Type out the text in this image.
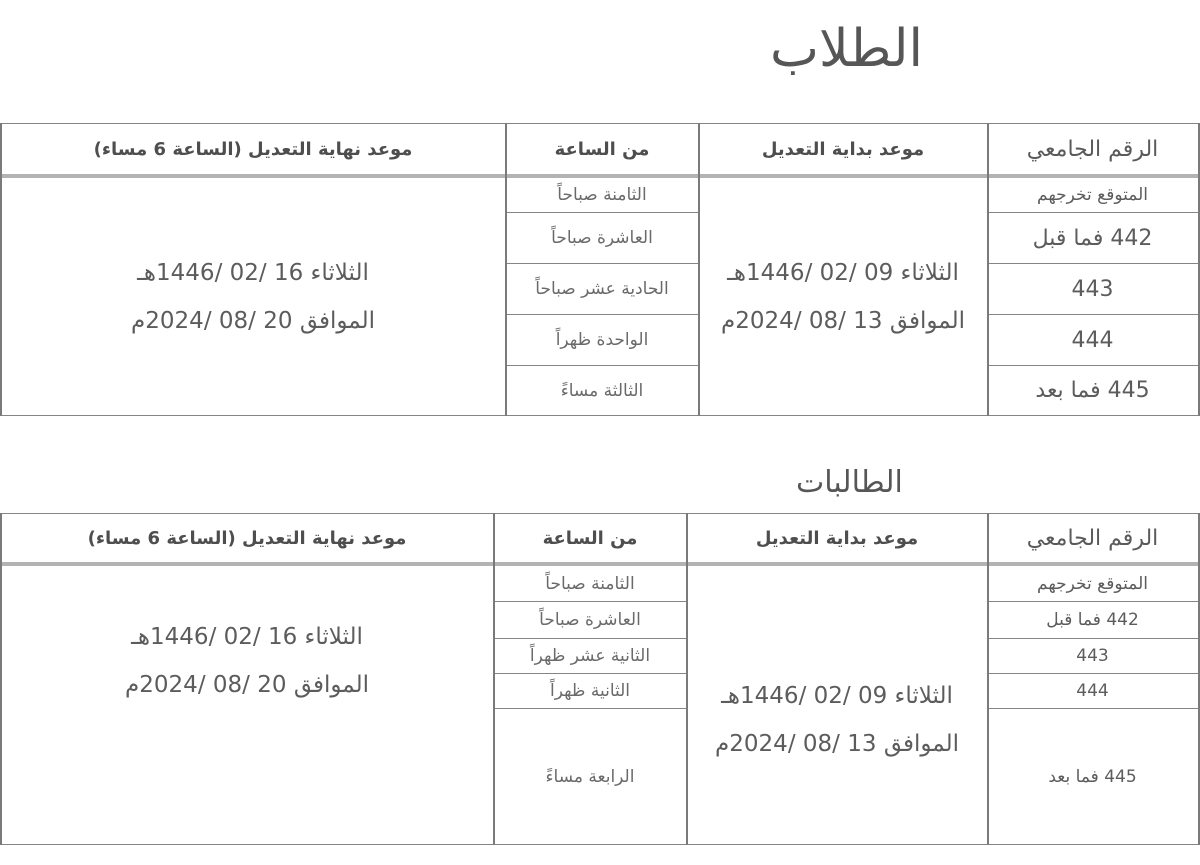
الطلاب
الرقم الجامعي
موعد بداية التعديل
من الساعة
موعد نهاية التعديل (الساعة 6 مساء)
المتوقع تخرجهم
442 فما قبل
443
444
445 فما بعد
الثلاثاء 09 /02 /1446هـ
الموافق 13 /08 /2024م
الثامنة صباحاً
العاشرة صباحاً
الحادية عشر صباحاً
الواحدة ظهراً
الثالثة مساءً
الثلاثاء 16 /02 /1446هـ
الموافق 20 /08 /2024م
الطالبات
الرقم الجامعي
موعد بداية التعديل
من الساعة
موعد نهاية التعديل (الساعة 6 مساء)
المتوقع تخرجهم
442 فما قبل
443
444
445 فما بعد
الثلاثاء 09 /02 /1446هـ
الموافق 13 /08 /2024م
الثامنة صباحاً
العاشرة صباحاً
الثانية عشر ظهراً
الثانية ظهراً
الرابعة مساءً
الثلاثاء 16 /02 /1446هـ
الموافق 20 /08 /2024م
